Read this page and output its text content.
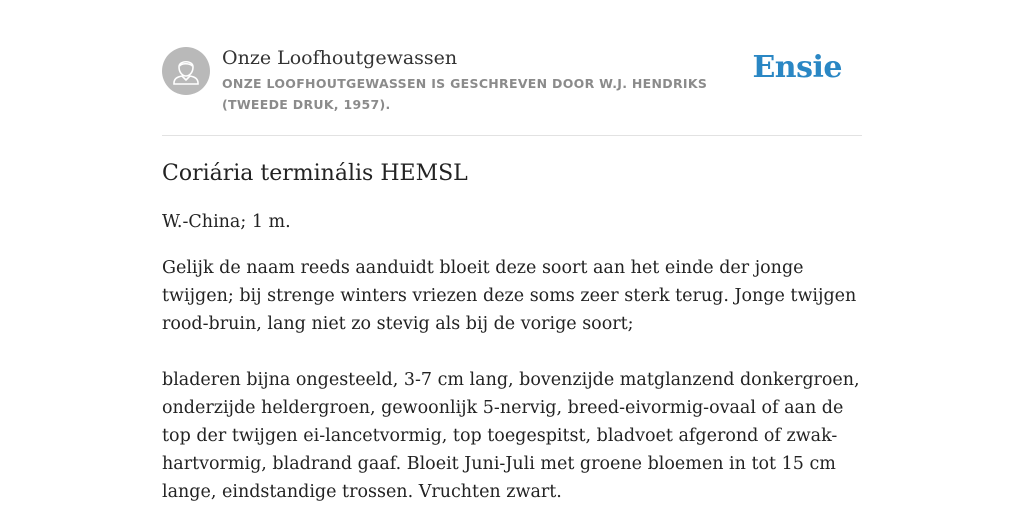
Onze Loofhoutgewassen
ONZE LOOFHOUTGEWASSEN IS GESCHREVEN DOOR W.J. HENDRIKS (TWEEDE DRUK, 1957).
Ensie
Coriária terminális HEMSL

W.-China; 1 m.

Gelijk de naam reeds aanduidt bloeit deze soort aan het einde der jonge twijgen; bij strenge winters vriezen deze soms zeer sterk terug. Jonge twijgen rood-bruin, lang niet zo stevig als bij de vorige soort;

bladeren bijna ongesteeld, 3-7 cm lang, bovenzijde matglanzend donkergroen, onderzijde heldergroen, gewoonlijk 5-nervig, breed-eivormig-ovaal of aan de top der twijgen ei-lancetvormig, top toegespitst, bladvoet afgerond of zwak-hartvormig, bladrand gaaf. Bloeit Juni-Juli met groene bloemen in tot 15 cm lange, eindstandige trossen. Vruchten zwart.
